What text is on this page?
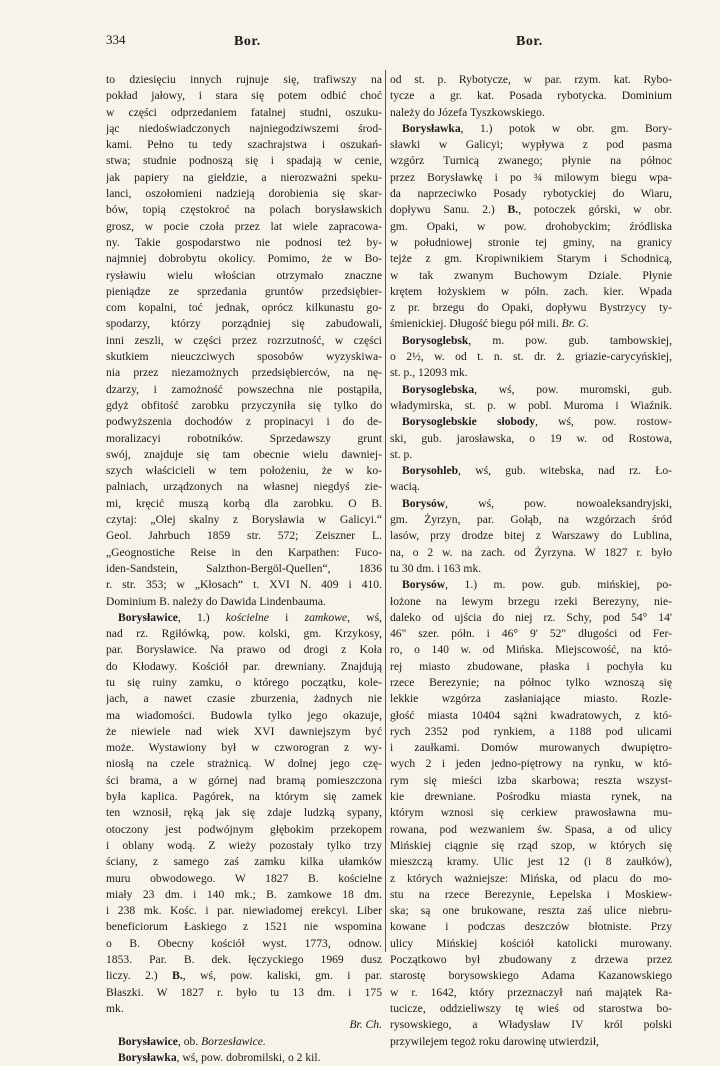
334	Bor.	Bor.
to dziesięciu innych rujnuje się, trafiwszy na
pokład jałowy, i stara się potem odbić choć
w części odprzedaniem fatalnej studni, oszuku-
jąc niedoświadczonych najniegodziwszemi środ-
kami. Pełno tu tedy szachrajstwa i oszukań-
stwa; studnie podnoszą się i spadają w cenie,
jak papiery na giełdzie, a nierozważni speku-
lanci, oszołomieni nadzieją dorobienia się skar-
bów, topią częstokroć na polach borysławskich
grosz, w pocie czoła przez lat wiele zapracowa-
ny. Takie gospodarstwo nie podnosi też by-
najmniej dobrobytu okolicy. Pomimo, że w Bo-
rysławiu wielu włościan otrzymało znaczne
pieniądze ze sprzedania gruntów przedsiębier-
com kopalni, toć jednak, oprócz kilkunastu go-
spodarzy, którzy porządniej się zabudowali,
inni zeszli, w części przez rozrzutność, w części
skutkiem nieuczciwych sposobów wyzyskiwa-
nia przez niezamożnych przedsiębierców, na nę-
dzarzy, i zamożność powszechna nie postąpiła,
gdyż obfitość zarobku przyczyniła się tylko do
podwyższenia dochodów z propinacyi i do de-
moralizacyi robotników. Sprzedawszy grunt
swój, znajduje się tam obecnie wielu dawniej-
szych właścicieli w tem położeniu, że w ko-
palniach, urządzonych na własnej niegdyś zie-
mi, kręcić muszą korbą dla zarobku. O B.
czytaj: „Olej skalny z Borysławia w Galicyi.“
Geol. Jahrbuch 1859 str. 572; Zeiszner L.
„Geognostiche Reise in den Karpathen: Fuco-
iden-Sandstein, Salzthon-Bergöl-Quellen“, 1836
r. str. 353; w „Kłosach“ t. XVI N. 409 i 410.
Dominium B. należy do Dawida Lindenbauma.
Borysławice, 1.) kościelne i zamkowe, wś,
nad rz. Rgiłówką, pow. kolski, gm. Krzykosy,
par. Borysławice. Na prawo od drogi z Koła
do Kłodawy. Kościół par. drewniany. Znajdują
tu się ruiny zamku, o którego początku, kole-
jach, a nawet czasie zburzenia, żadnych nie
ma wiadomości. Budowla tylko jego okazuje,
że niewiele nad wiek XVI dawniejszym być
może. Wystawiony był w czworogran z wy-
niosłą na czele strażnicą. W dolnej jego czę-
ści brama, a w górnej nad bramą pomieszczona
była kaplica. Pagórek, na którym się zamek
ten wznosił, ręką jak się zdaje ludzką sypany,
otoczony jest podwójnym głębokim przekopem
i oblany wodą. Z wieży pozostały tylko trzy
ściany, z samego zaś zamku kilka ułamków
muru obwodowego. W 1827 B. kościelne
miały 23 dm. i 140 mk.; B. zamkowe 18 dm.
i 238 mk. Kośc. i par. niewiadomej erekcyi. Liber
beneficiorum Łaskiego z 1521 nie wspomina
o B. Obecny kościół wyst. 1773, odnow.
1853. Par. B. dek. łęczyckiego 1969 dusz
liczy. 2.) B., wś, pow. kaliski, gm. i par.
Błaszki. W 1827 r. było tu 13 dm. i 175
mk.
Br. Ch.
Borysławice, ob. Borzesławice.
Borysławka, wś, pow. dobromilski, o 2 kil.
od st. p. Rybotycze, w par. rzym. kat. Rybo-
tycze a gr. kat. Posada rybotycka. Dominium
należy do Józefa Tyszkowskiego.
Borysławka, 1.) potok w obr. gm. Bory-
sławki w Galicyi; wypływa z pod pasma
wzgórz Turnicą zwanego; płynie na północ
przez Borysławkę i po ¾ milowym biegu wpa-
da naprzeciwko Posady rybotyckiej do Wiaru,
dopływu Sanu. 2.) B., potoczek górski, w obr.
gm. Opaki, w pow. drohobyckim; źródliska
w południowej stronie tej gminy, na granicy
tejże z gm. Kropiwnikiem Starym i Schodnicą,
w tak zwanym Buchowym Dziale. Płynie
krętem łożyskiem w półn. zach. kier. Wpada
z pr. brzegu do Opaki, dopływu Bystrzycy ty-
śmienickiej. Długość biegu pół mili. Br. G.
Borysoglebsk, m. pow. gub. tambowskiej,
o 2½, w. od t. n. st. dr. ż. griazie-carycyńskiej,
st. p., 12093 mk.
Borysoglebska, wś, pow. muromski, gub.
władymirska, st. p. w pobl. Muroma i Wiaźnik.
Borysoglebskie słobody, wś, pow. rostow-
ski, gub. jarosławska, o 19 w. od Rostowa,
st. p.
Borysohleb, wś, gub. witebska, nad rz. Ło-
wacią.
Borysów, wś, pow. nowoaleksandryjski,
gm. Żyrzyn, par. Gołąb, na wzgórzach śród
lasów, przy drodze bitej z Warszawy do Lublina,
na, o 2 w. na zach. od Żyrzyna. W 1827 r. było
tu 30 dm. i 163 mk.
Borysów, 1.) m. pow. gub. mińskiej, po-
łożone na lewym brzegu rzeki Berezyny, nie-
daleko od ujścia do niej rz. Schy, pod 54° 14'
46" szer. półn. i 46° 9' 52" długości od Fer-
ro, o 140 w. od Mińska. Miejscowość, na któ-
rej miasto zbudowane, płaska i pochyła ku
rzece Berezynie; na północ tylko wznoszą się
lekkie wzgórza zasłaniające miasto. Rozle-
głość miasta 10404 sążni kwadratowych, z któ-
rych 2352 pod rynkiem, a 1188 pod ulicami
i zaułkami. Domów murowanych dwupiętro-
wych 2 i jeden jedno-piętrowy na rynku, w któ-
rym się mieści izba skarbowa; reszta wszyst-
kie drewniane. Pośrodku miasta rynek, na
którym wznosi się cerkiew prawosławna mu-
rowana, pod wezwaniem św. Spasa, a od ulicy
Mińskiej ciągnie się rząd szop, w których się
mieszczą kramy. Ulic jest 12 (i 8 zaułków),
z których ważniejsze: Mińska, od placu do mo-
stu na rzece Berezynie, Łepelska i Moskiew-
ska; są one brukowane, reszta zaś ulice niebru-
kowane i podczas deszczów błotniste. Przy
ulicy Mińskiej kościół katolicki murowany.
Początkowo był zbudowany z drzewa przez
starostę borysowskiego Adama Kazanowskiego
w r. 1642, który przeznaczył nań majątek Ra-
tucicze, oddzieliwszy tę wieś od starostwa bo-
rysowskiego, a Władysław IV król polski
przywilejem tegoż roku darowinę utwierdził,
